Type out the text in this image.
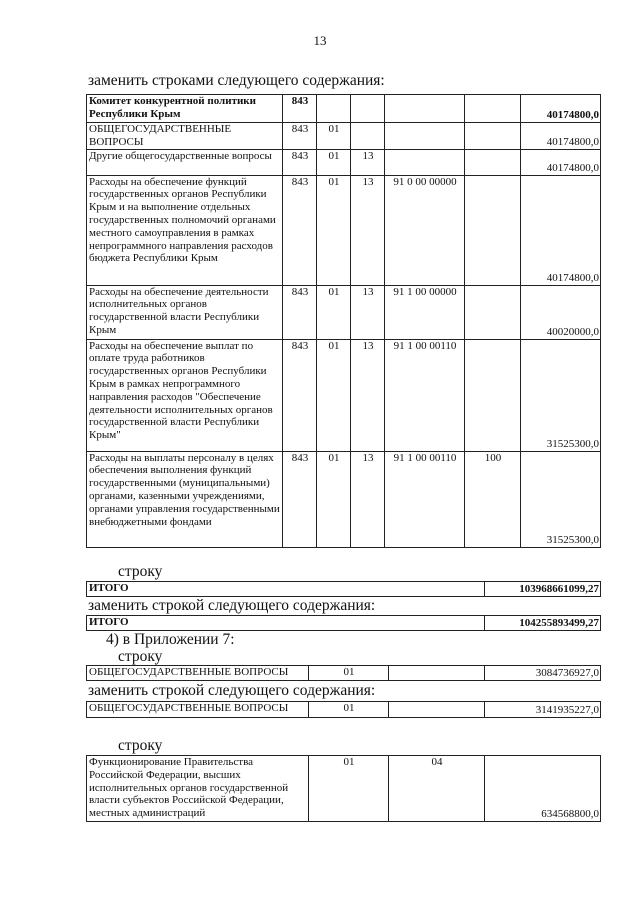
13
заменить строками следующего содержания:
Комитет конкурентной политики Республики Крым	843					40174800,0
ОБЩЕГОСУДАРСТВЕННЫЕ ВОПРОСЫ	843	01				40174800,0
Другие общегосударственные вопросы	843	01	13			40174800,0
Расходы на обеспечение функций государственных органов Республики Крым и на выполнение отдельных государственных полномочий органами местного самоуправления в рамках непрограммного направления расходов бюджета Республики Крым	843	01	13	91 0 00 00000		40174800,0
Расходы на обеспечение деятельности исполнительных органов государственной власти Республики Крым	843	01	13	91 1 00 00000		40020000,0
Расходы на обеспечение выплат по оплате труда работников государственных органов Республики Крым в рамках непрограммного направления расходов "Обеспечение деятельности исполнительных органов государственной власти Республики Крым"	843	01	13	91 1 00 00110		31525300,0
Расходы на выплаты персоналу в целях обеспечения выполнения функций государственными (муниципальными) органами, казенными учреждениями, органами управления государственными внебюджетными фондами	843	01	13	91 1 00 00110	100	31525300,0
строку
ИТОГО	103968661099,27
заменить строкой следующего содержания:
ИТОГО	104255893499,27
4) в Приложении 7:
строку
ОБЩЕГОСУДАРСТВЕННЫЕ ВОПРОСЫ	01		3084736927,0
заменить строкой следующего содержания:
ОБЩЕГОСУДАРСТВЕННЫЕ ВОПРОСЫ	01		3141935227,0
строку
Функционирование Правительства Российской Федерации, высших исполнительных органов государственной власти субъектов Российской Федерации, местных администраций	01	04	634568800,0
